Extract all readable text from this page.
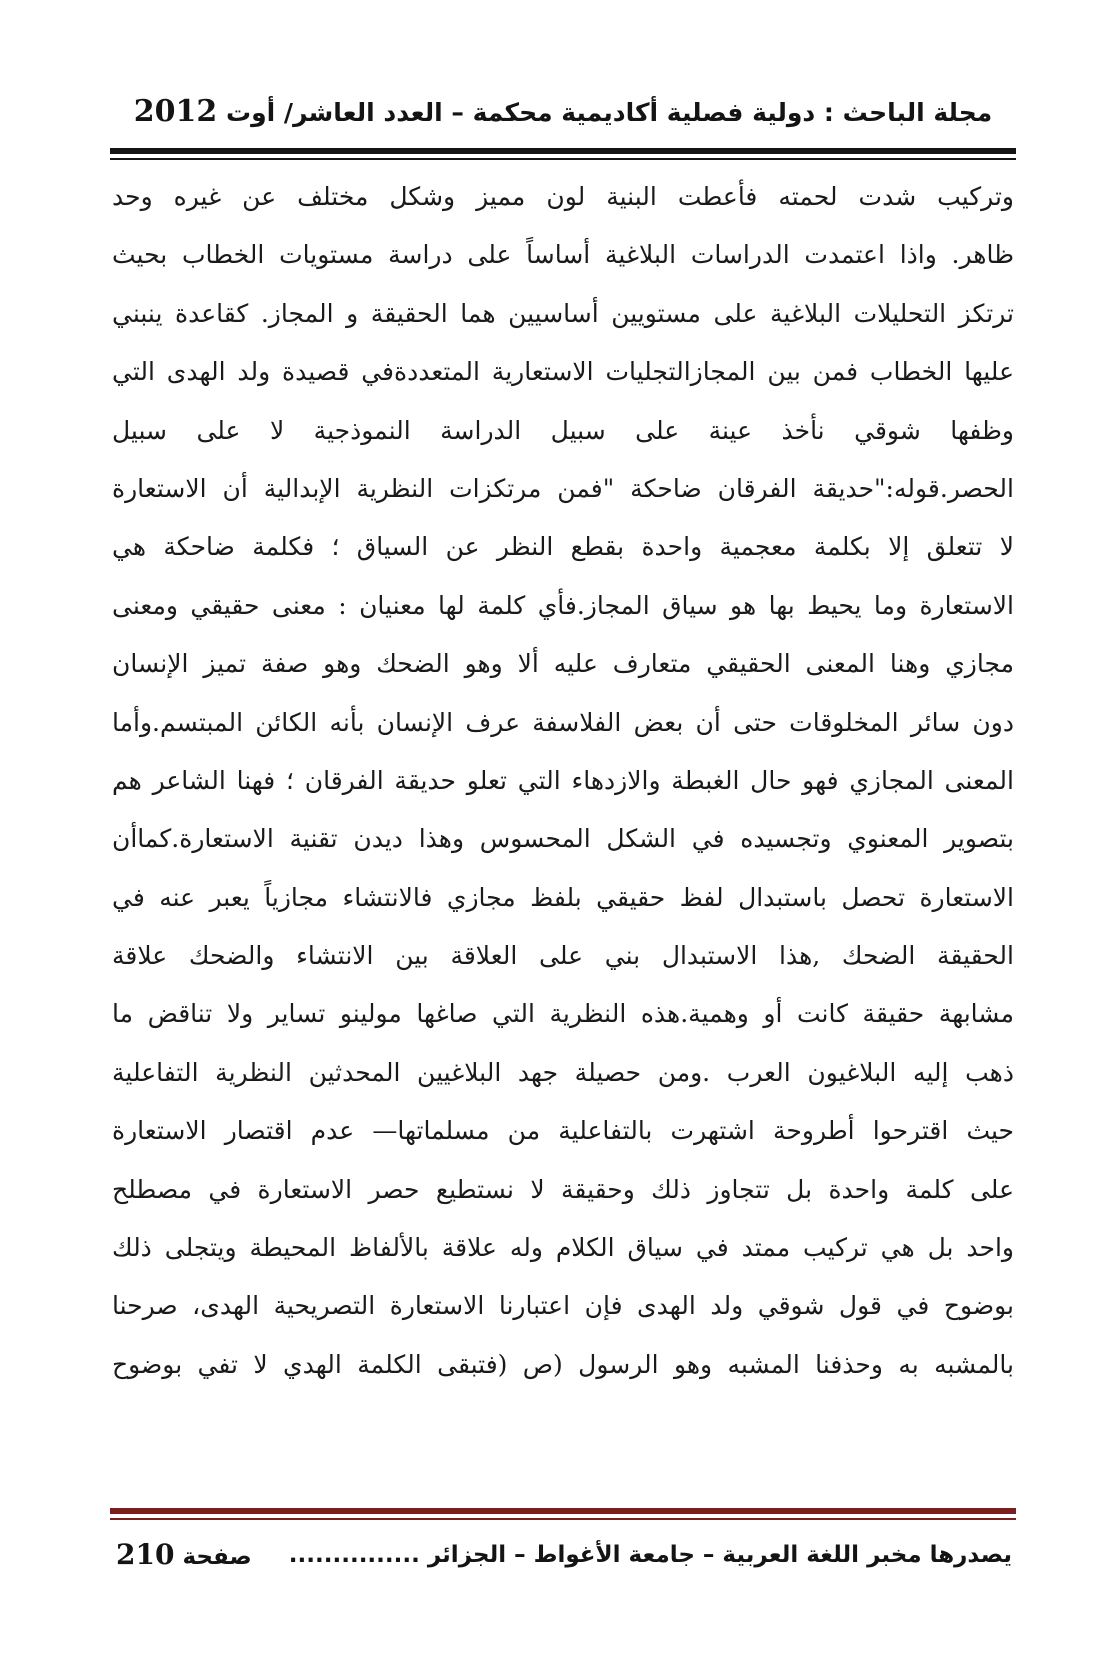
مجلة الباحث : دولية فصلية أكاديمية محكمة – العدد العاشر/ أوت 2012
وتركيب شدت لحمته فأعطت البنية لون مميز وشكل مختلف عن غيره وحد
ظاهر. واذا اعتمدت الدراسات البلاغية أساساً على دراسة مستويات الخطاب بحيث
ترتكز التحليلات البلاغية على مستويين أساسيين هما الحقيقة و المجاز. كقاعدة ينبني
عليها الخطاب فمن بين المجازالتجليات الاستعارية المتعددةفي قصيدة ولد الهدى التي
وظفها شوقي نأخذ عينة على سبيل الدراسة النموذجية لا على سبيل
الحصر.قوله:"حديقة الفرقان ضاحكة "فمن مرتكزات النظرية الإبدالية أن الاستعارة
لا تتعلق إلا بكلمة معجمية واحدة بقطع النظر عن السياق ؛ فكلمة ضاحكة هي
الاستعارة وما يحيط بها هو سياق المجاز.فأي كلمة لها معنيان : معنى حقيقي ومعنى
مجازي وهنا المعنى الحقيقي متعارف عليه ألا وهو الضحك وهو صفة تميز الإنسان
دون سائر المخلوقات حتى أن بعض الفلاسفة عرف الإنسان بأنه الكائن المبتسم.وأما
المعنى المجازي فهو حال الغبطة والازدهاء التي تعلو حديقة الفرقان ؛ فهنا الشاعر هم
بتصوير المعنوي وتجسيده في الشكل المحسوس وهذا ديدن تقنية الاستعارة.كماأن
الاستعارة تحصل باستبدال لفظ حقيقي بلفظ مجازي فالانتشاء مجازياً يعبر عنه في
الحقيقة الضحك ,هذا الاستبدال بني على العلاقة بين الانتشاء والضحك علاقة
مشابهة حقيقة كانت أو وهمية.هذه النظرية التي صاغها مولينو تساير ولا تناقض ما
ذهب إليه البلاغيون العرب .ومن حصيلة جهد البلاغيين المحدثين النظرية التفاعلية
حيث اقترحوا أطروحة اشتهرت بالتفاعلية من مسلماتها— عدم اقتصار الاستعارة
على كلمة واحدة بل تتجاوز ذلك وحقيقة لا نستطيع حصر الاستعارة في مصطلح
واحد بل هي تركيب ممتد في سياق الكلام وله علاقة بالألفاظ المحيطة ويتجلى ذلك
بوضوح في قول شوقي ولد الهدى فإن اعتبارنا الاستعارة التصريحية الهدى، صرحنا
بالمشبه به وحذفنا المشبه وهو الرسول (ص (فتبقى الكلمة الهدي لا تفي بوضوح
يصدرها مخبر اللغة العربية – جامعة الأغواط – الجزائر ...............
صفحة 210
